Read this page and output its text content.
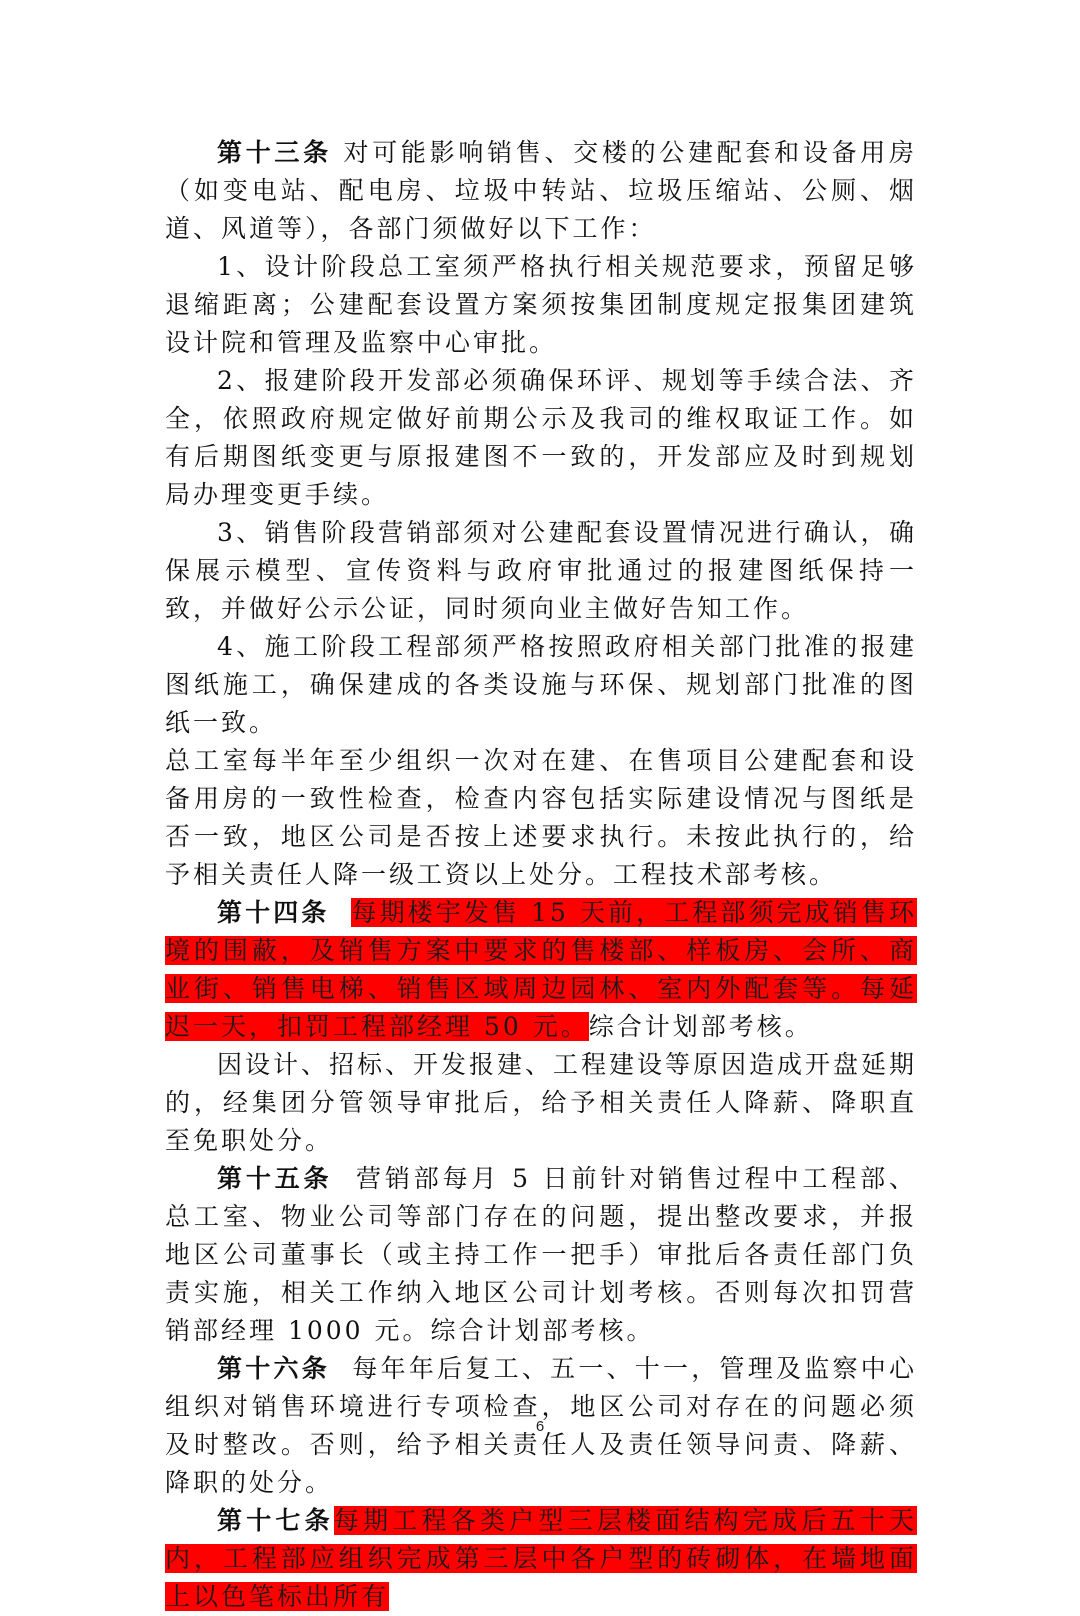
第十三条 对可能影响销售、交楼的公建配套和设备用房（如变电站、配电房、垃圾中转站、垃圾压缩站、公厕、烟道、风道等），各部门须做好以下工作：

1、设计阶段总工室须严格执行相关规范要求，预留足够退缩距离；公建配套设置方案须按集团制度规定报集团建筑设计院和管理及监察中心审批。

2、报建阶段开发部必须确保环评、规划等手续合法、齐全，依照政府规定做好前期公示及我司的维权取证工作。如有后期图纸变更与原报建图不一致的，开发部应及时到规划局办理变更手续。

3、销售阶段营销部须对公建配套设置情况进行确认，确保展示模型、宣传资料与政府审批通过的报建图纸保持一致，并做好公示公证，同时须向业主做好告知工作。

4、施工阶段工程部须严格按照政府相关部门批准的报建图纸施工，确保建成的各类设施与环保、规划部门批准的图纸一致。

总工室每半年至少组织一次对在建、在售项目公建配套和设备用房的一致性检查，检查内容包括实际建设情况与图纸是否一致，地区公司是否按上述要求执行。未按此执行的，给予相关责任人降一级工资以上处分。工程技术部考核。

第十四条 每期楼宇发售 15 天前，工程部须完成销售环境的围蔽，及销售方案中要求的售楼部、样板房、会所、商业街、销售电梯、销售区域周边园林、室内外配套等。每延迟一天，扣罚工程部经理 50 元。综合计划部考核。

因设计、招标、开发报建、工程建设等原因造成开盘延期的，经集团分管领导审批后，给予相关责任人降薪、降职直至免职处分。

第十五条 营销部每月 5 日前针对销售过程中工程部、总工室、物业公司等部门存在的问题，提出整改要求，并报地区公司董事长（或主持工作一把手）审批后各责任部门负责实施，相关工作纳入地区公司计划考核。否则每次扣罚营销部经理 1000 元。综合计划部考核。

第十六条 每年年后复工、五一、十一，管理及监察中心组织对销售环境进行专项检查，地区公司对存在的问题必须及时整改。否则，给予相关责任人及责任领导问责、降薪、降职的处分。

第十七条每期工程各类户型三层楼面结构完成后五十天内，工程部应组织完成第三层中各户型的砖砌体，在墙地面上以色笔标出所有

6
